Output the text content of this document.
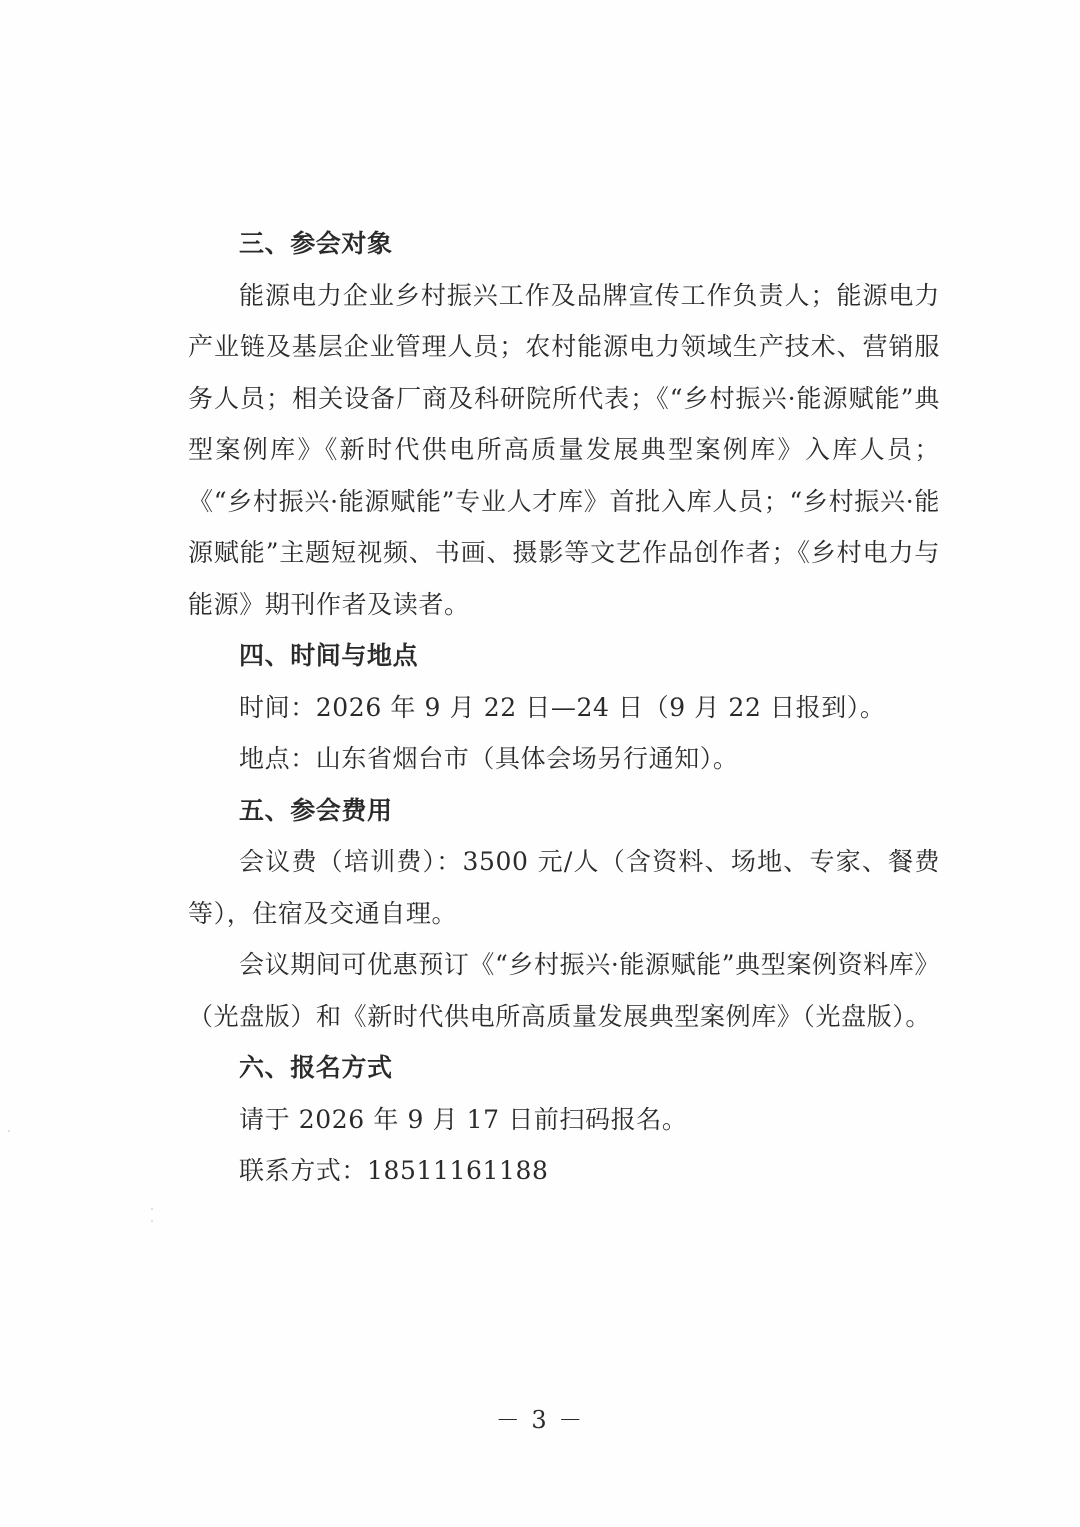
三、参会对象
能源电力企业乡村振兴工作及品牌宣传工作负责人；能源电力产业链及基层企业管理人员；农村能源电力领域生产技术、营销服务人员；相关设备厂商及科研院所代表；《“乡村振兴·能源赋能”典型案例库》《新时代供电所高质量发展典型案例库》入库人员；《“乡村振兴·能源赋能”专业人才库》首批入库人员；“乡村振兴·能源赋能”主题短视频、书画、摄影等文艺作品创作者；《乡村电力与能源》期刊作者及读者。
四、时间与地点
时间：2026 年 9 月 22 日—24 日（9 月 22 日报到）。
地点：山东省烟台市（具体会场另行通知）。
五、参会费用
会议费（培训费）：3500 元/人（含资料、场地、专家、餐费等），住宿及交通自理。
会议期间可优惠预订《“乡村振兴·能源赋能”典型案例资料库》（光盘版）和《新时代供电所高质量发展典型案例库》（光盘版）。
六、报名方式
请于 2026 年 9 月 17 日前扫码报名。
联系方式：18511161188
－ 3 －
